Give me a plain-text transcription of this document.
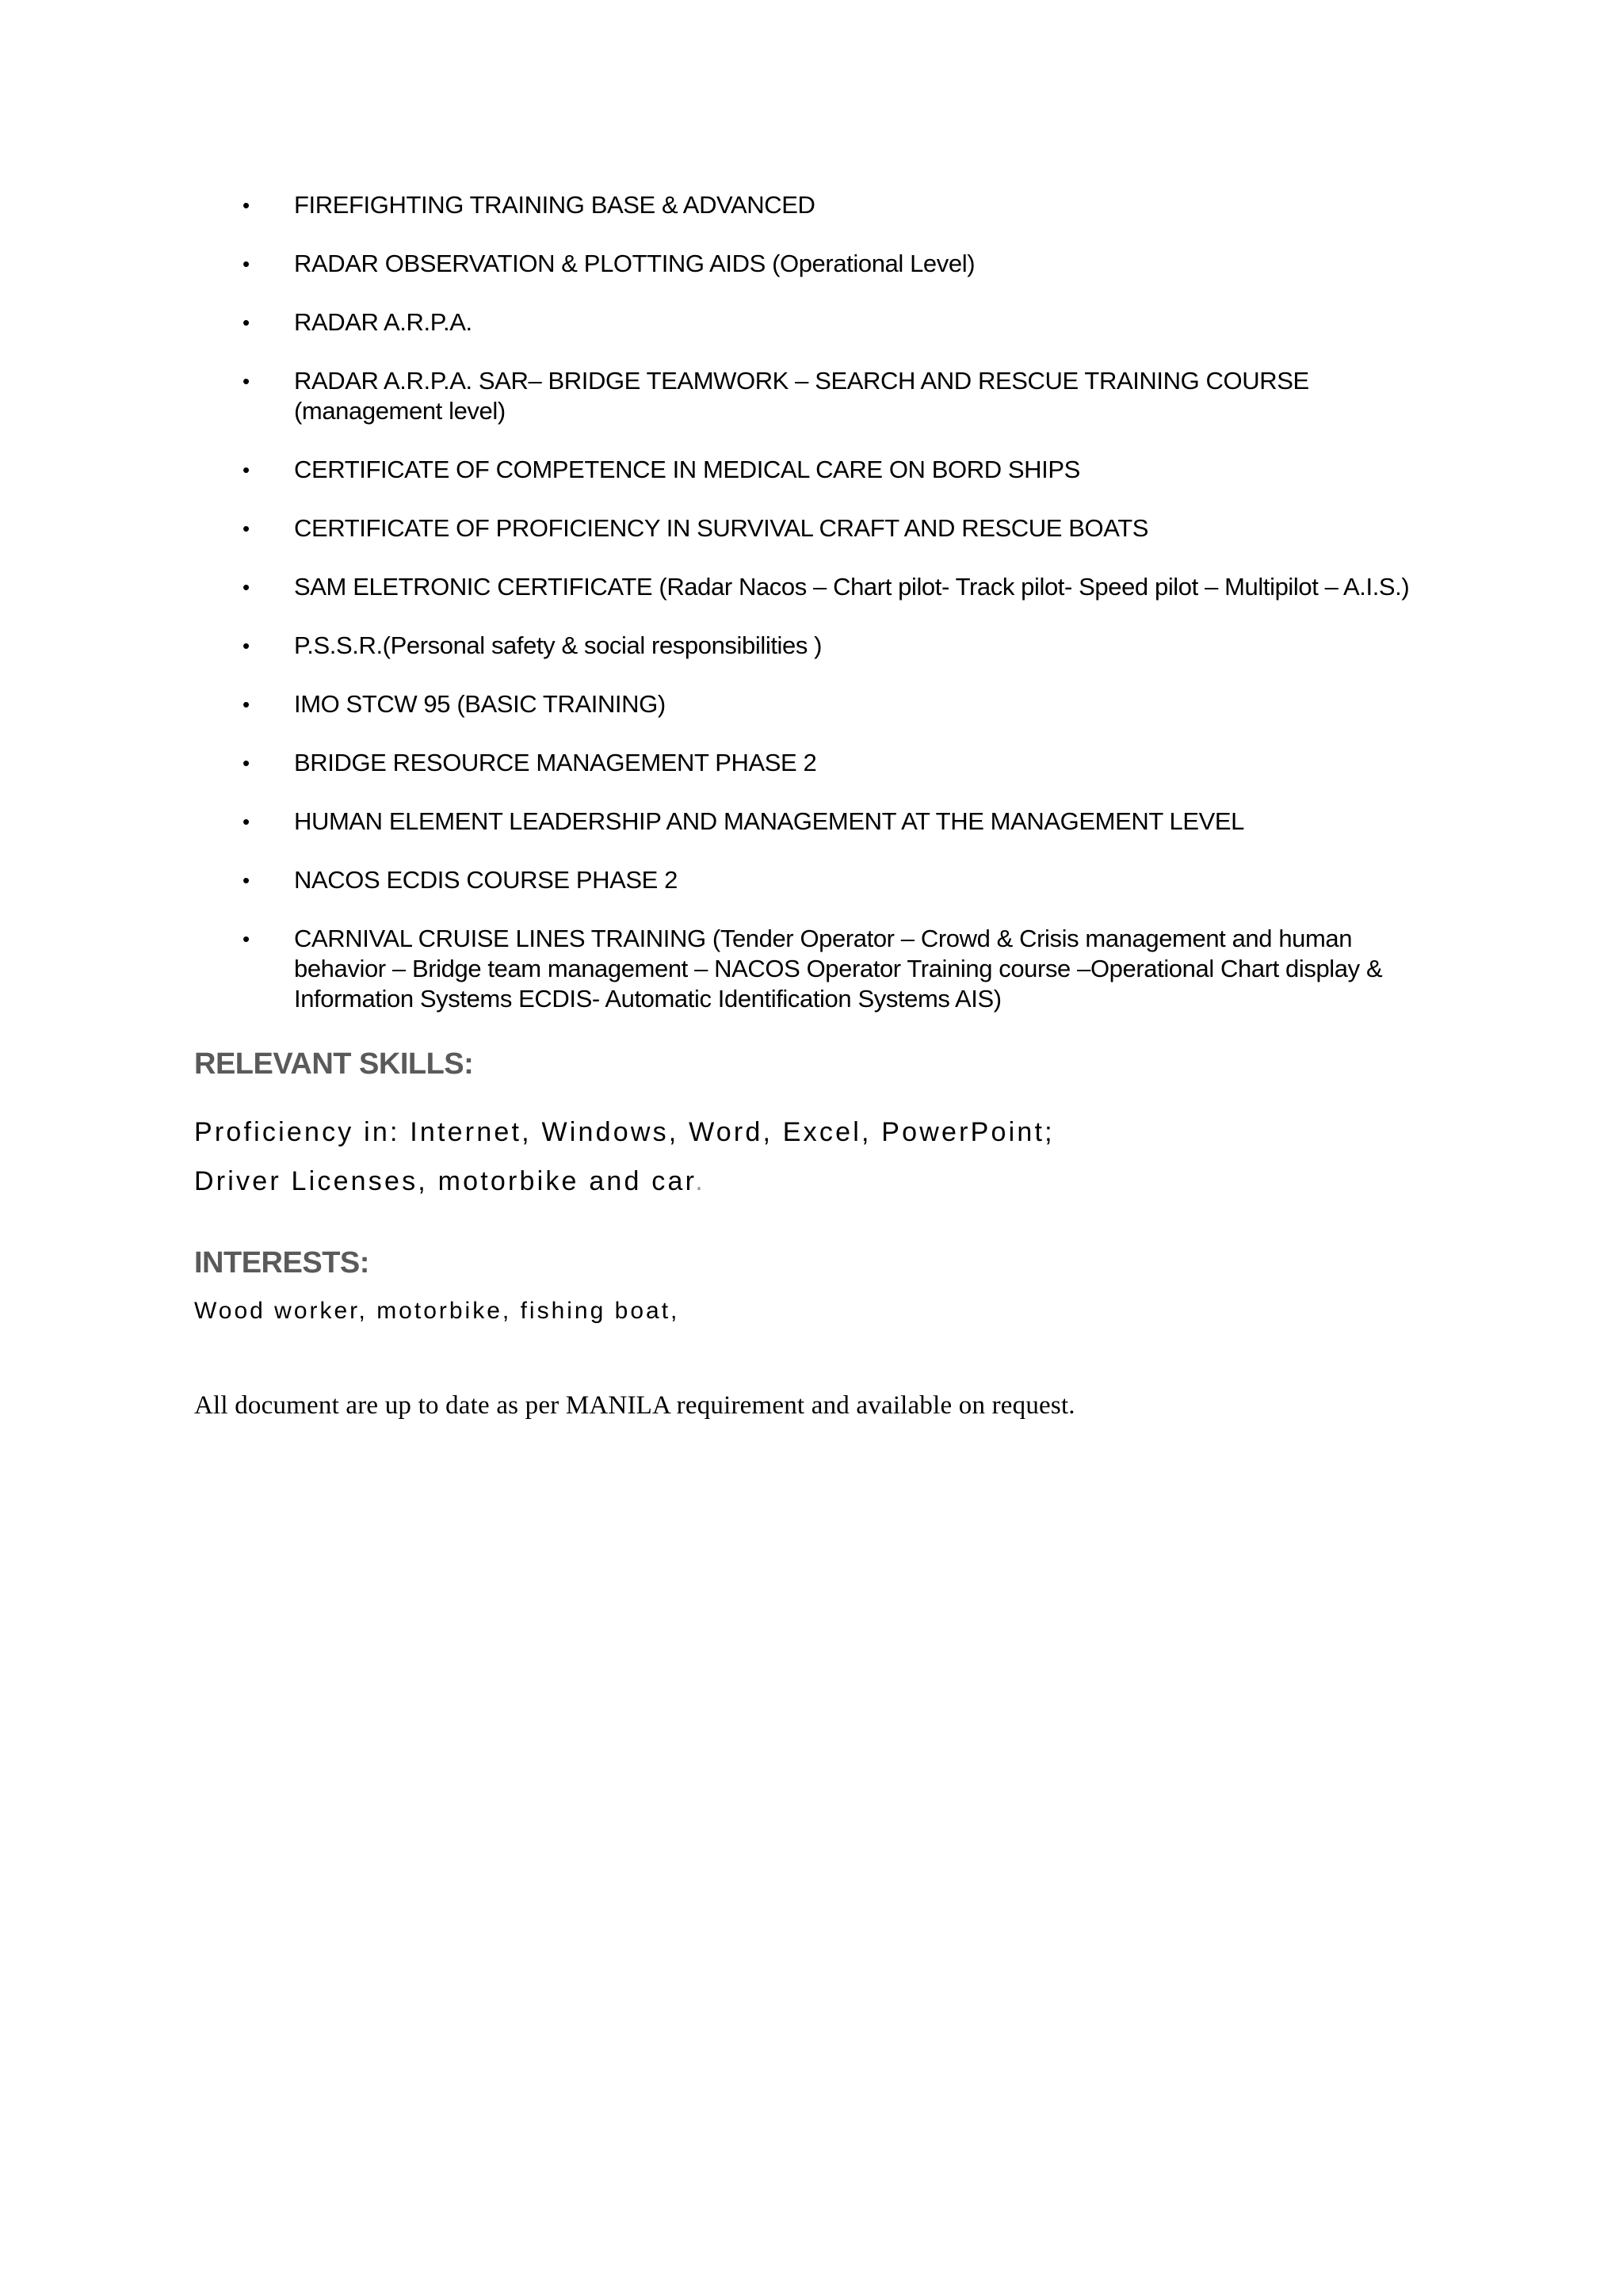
• FIREFIGHTING TRAINING BASE & ADVANCED
• RADAR OBSERVATION & PLOTTING AIDS (Operational Level)
• RADAR A.R.P.A.
• RADAR A.R.P.A. SAR– BRIDGE TEAMWORK – SEARCH AND RESCUE TRAINING COURSE (management level)
• CERTIFICATE OF COMPETENCE IN MEDICAL CARE ON BORD SHIPS
• CERTIFICATE OF PROFICIENCY IN SURVIVAL CRAFT AND RESCUE BOATS
• SAM ELETRONIC CERTIFICATE (Radar Nacos – Chart pilot- Track pilot- Speed pilot – Multipilot – A.I.S.)
• P.S.S.R.(Personal safety & social responsibilities )
• IMO STCW 95 (BASIC TRAINING)
• BRIDGE RESOURCE MANAGEMENT PHASE 2
• HUMAN ELEMENT LEADERSHIP AND MANAGEMENT AT THE MANAGEMENT LEVEL
• NACOS ECDIS COURSE PHASE 2
• CARNIVAL CRUISE LINES TRAINING (Tender Operator – Crowd & Crisis management and human behavior – Bridge team management – NACOS Operator Training course –Operational Chart display & Information Systems ECDIS- Automatic Identification Systems AIS)
RELEVANT SKILLS:

Proficiency in: Internet, Windows, Word, Excel, PowerPoint;

Driver Licenses, motorbike and car.

INTERESTS:

Wood worker, motorbike, fishing boat,

All document are up to date as per MANILA requirement and available on request.
